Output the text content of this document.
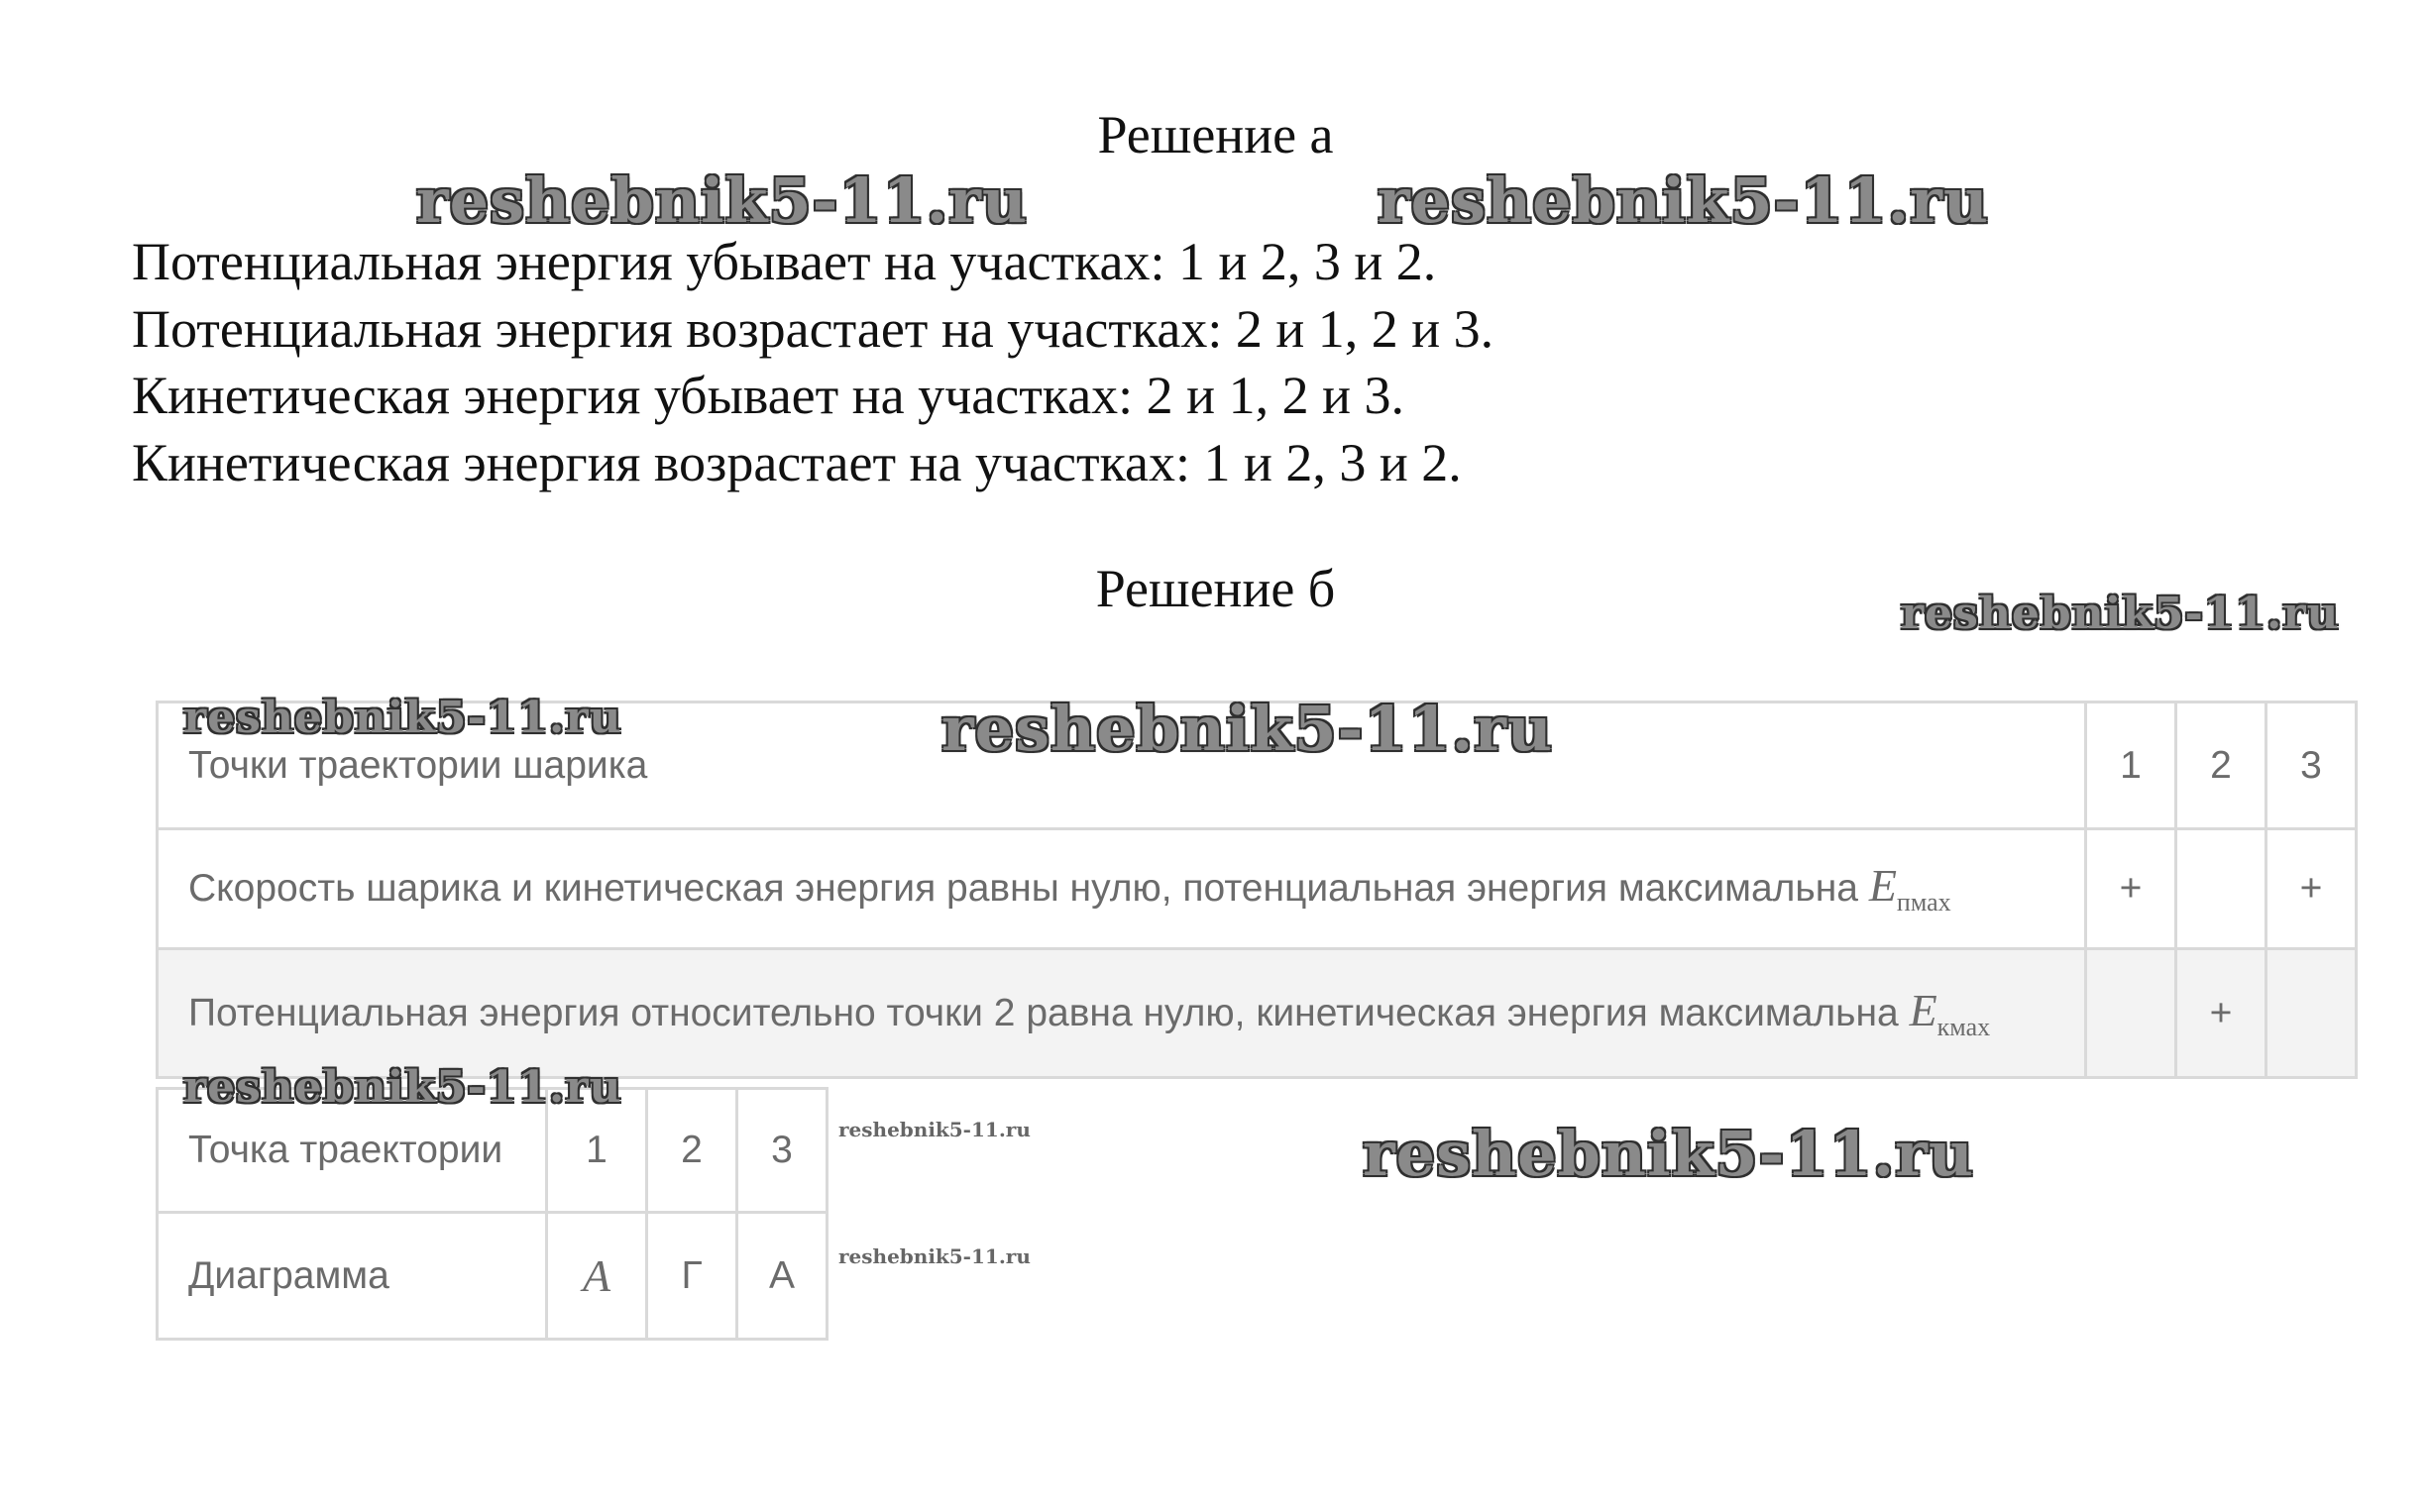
Решение а
Потенциальная энергия убывает на участках: 1 и 2, 3 и 2.
Потенциальная энергия возрастает на участках: 2 и 1, 2 и 3.
Кинетическая энергия убывает на участках: 2 и 1, 2 и 3.
Кинетическая энергия возрастает на участках: 1 и 2, 3 и 2.
Решение б
Точки траектории шарика	1	2	3
Скорость шарика и кинетическая энергия равны нулю, потенциальная энергия максимальна $E_{пмах}$	+		+
Потенциальная энергия относительно точки 2 равна нулю, кинетическая энергия максимальна $E_{кмах}$		+	
Точка траектории	1	2	3
Диаграмма	A	Г	А
reshebnik5-11.ru	reshebnik5-11.ru
reshebnik5-11.ru
reshebnik5-11.ru	reshebnik5-11.ru
reshebnik5-11.ru
reshebnik5-11.ru
reshebnik5-11.ru
reshebnik5-11.ru
